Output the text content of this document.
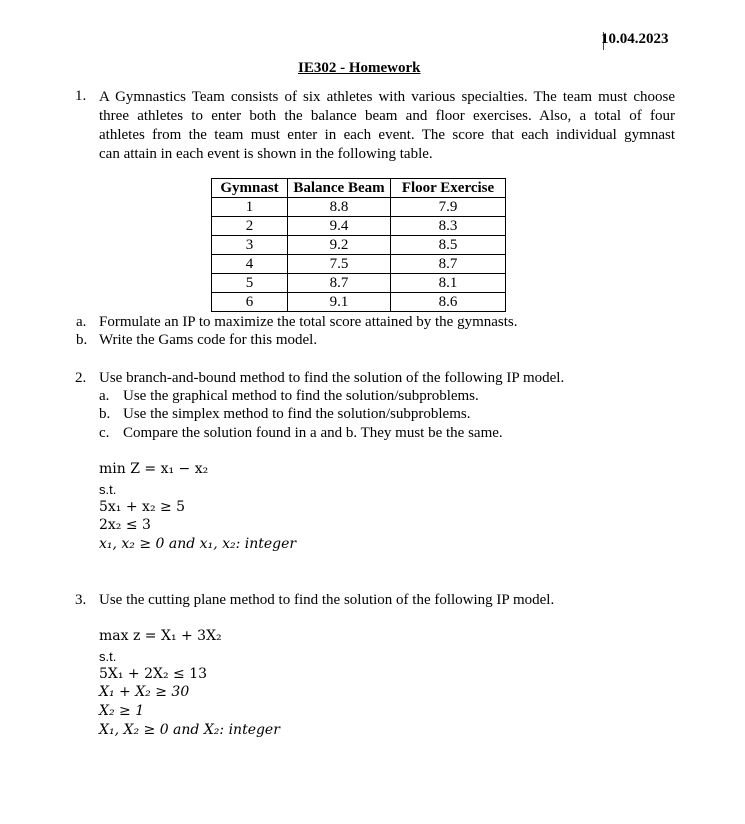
10.04.2023
IE302 - Homework
1. A Gymnastics Team consists of six athletes with various specialties. The team must choose
three athletes to enter both the balance beam and floor exercises. Also, a total of four
athletes from the team must enter in each event. The score that each individual gymnast
can attain in each event is shown in the following table.
Gymnast	Balance Beam	Floor Exercise
1	8.8	7.9
2	9.4	8.3
3	9.2	8.5
4	7.5	8.7
5	8.7	8.1
6	9.1	8.6
a. Formulate an IP to maximize the total score attained by the gymnasts.
b. Write the Gams code for this model.
2. Use branch-and-bound method to find the solution of the following IP model.
a. Use the graphical method to find the solution/subproblems.
b. Use the simplex method to find the solution/subproblems.
c. Compare the solution found in a and b. They must be the same.
min Z = x₁ − x₂
s.t.
5x₁ + x₂ ≥ 5
2x₂ ≤ 3
x₁, x₂ ≥ 0 and x₁, x₂: integer
3. Use the cutting plane method to find the solution of the following IP model.
max z = X₁ + 3X₂
s.t.
5X₁ + 2X₂ ≤ 13
X₁ + X₂ ≥ 30
X₂ ≥ 1
X₁, X₂ ≥ 0 and X₂: integer
